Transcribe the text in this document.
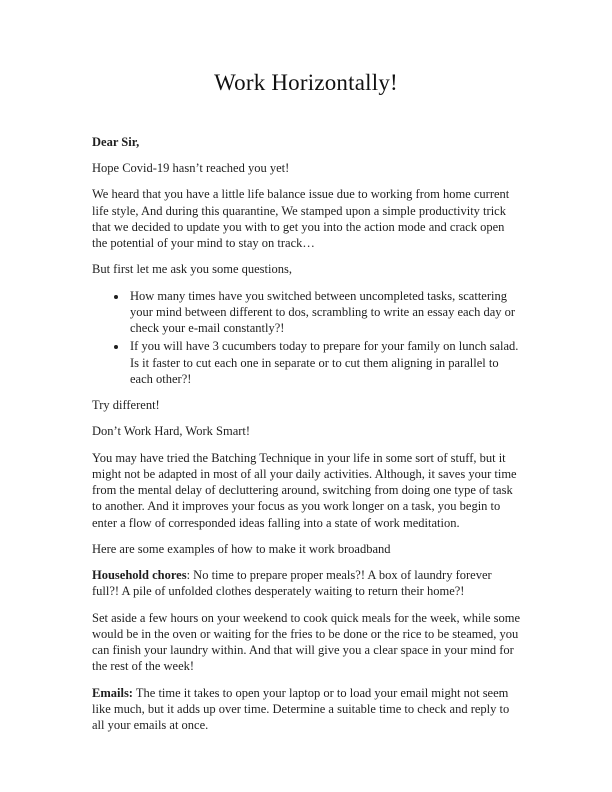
Work Horizontally!

Dear Sir,

Hope Covid-19 hasn’t reached you yet!

We heard that you have a little life balance issue due to working from home current life style, And during this quarantine, We stamped upon a simple productivity trick that we decided to update you with to get you into the action mode and crack open the potential of your mind to stay on track…

But first let me ask you some questions,

• How many times have you switched between uncompleted tasks, scattering your mind between different to dos, scrambling to write an essay each day or check your e-mail constantly?!
• If you will have 3 cucumbers today to prepare for your family on lunch salad. Is it faster to cut each one in separate or to cut them aligning in parallel to each other?!

Try different!

Don’t Work Hard, Work Smart!

You may have tried the Batching Technique in your life in some sort of stuff, but it might not be adapted in most of all your daily activities. Although, it saves your time from the mental delay of decluttering around, switching from doing one type of task to another. And it improves your focus as you work longer on a task, you begin to enter a flow of corresponded ideas falling into a state of work meditation.

Here are some examples of how to make it work broadband

Household chores: No time to prepare proper meals?! A box of laundry forever full?! A pile of unfolded clothes desperately waiting to return their home?!

Set aside a few hours on your weekend to cook quick meals for the week, while some would be in the oven or waiting for the fries to be done or the rice to be steamed, you can finish your laundry within. And that will give you a clear space in your mind for the rest of the week!

Emails: The time it takes to open your laptop or to load your email might not seem like much, but it adds up over time. Determine a suitable time to check and reply to all your emails at once.
